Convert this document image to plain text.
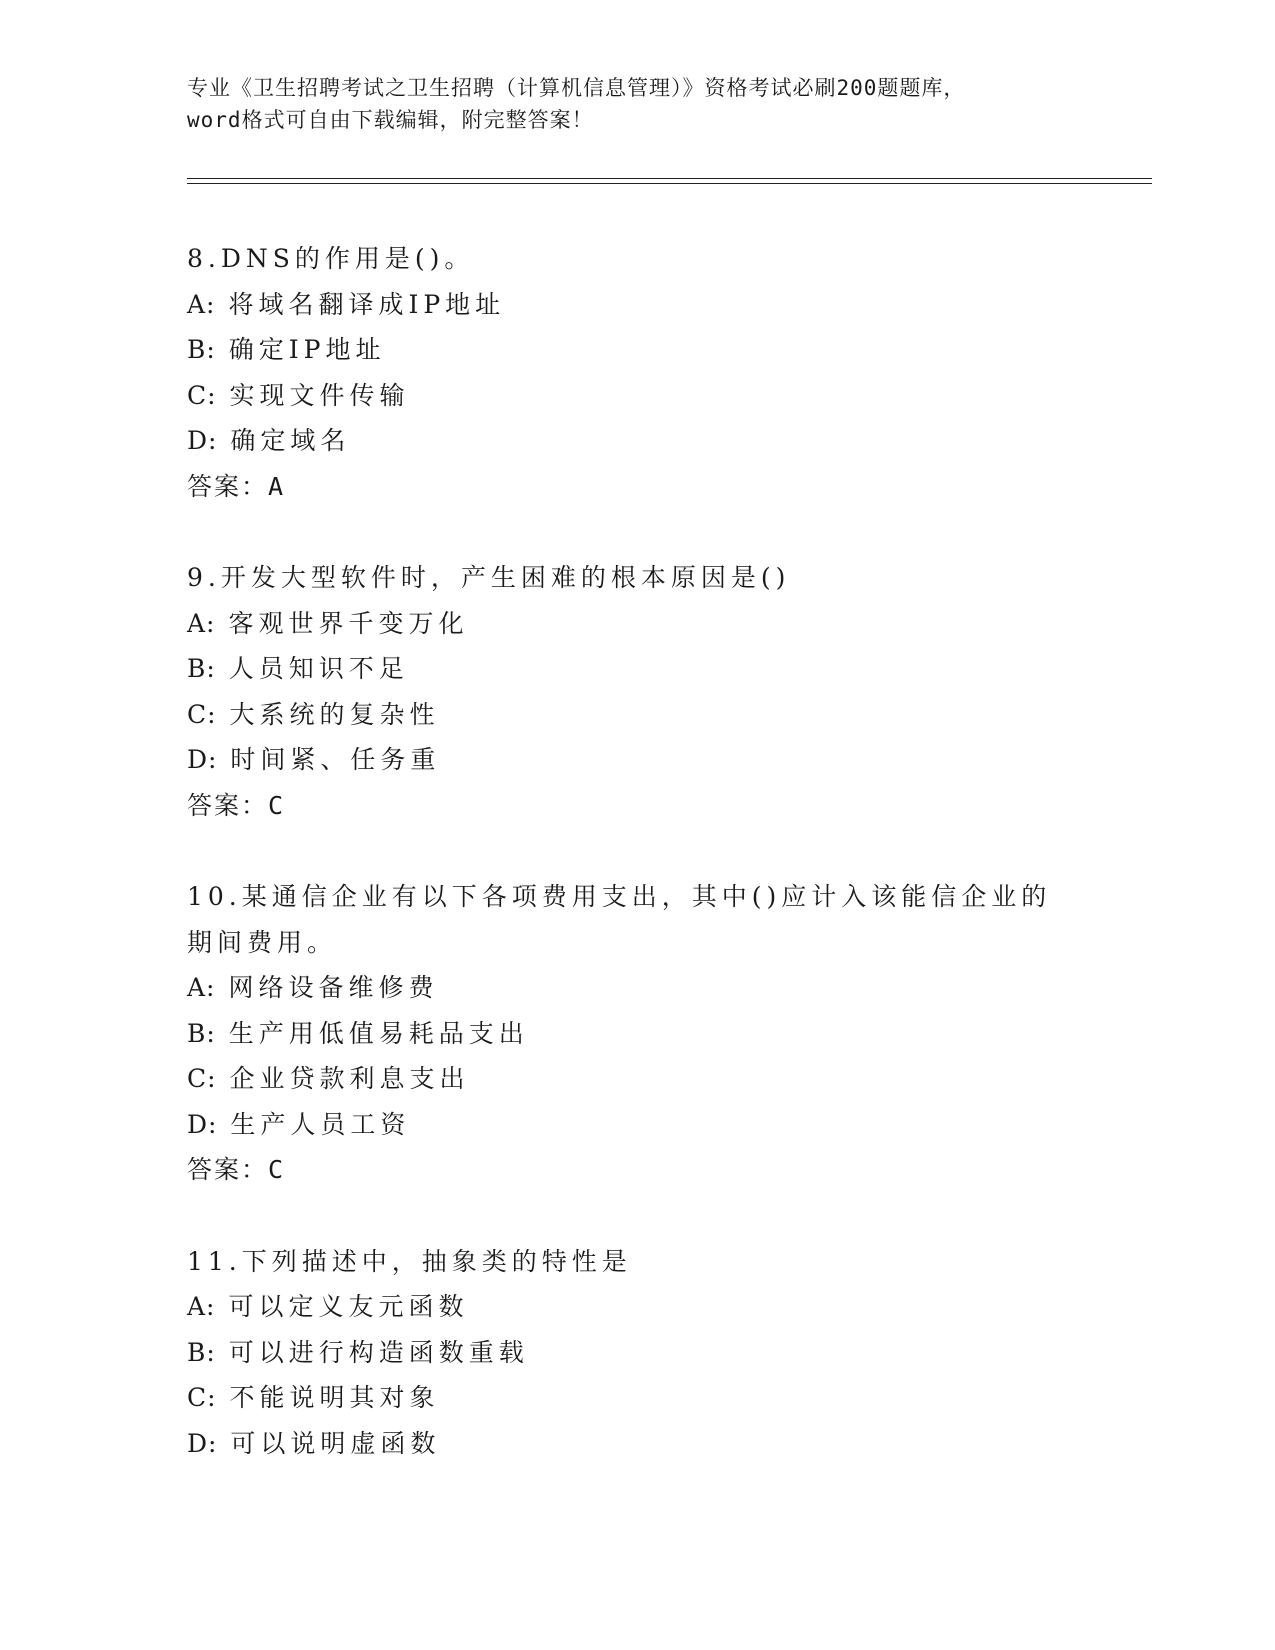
专业《卫生招聘考试之卫生招聘（计算机信息管理）》资格考试必刷200题题库，
word格式可自由下载编辑，附完整答案！
8.DNS的作用是()。
A: 将域名翻译成IP地址
B: 确定IP地址
C: 实现文件传输
D: 确定域名
答案：A
9.开发大型软件时，产生困难的根本原因是()
A: 客观世界千变万化
B: 人员知识不足
C: 大系统的复杂性
D: 时间紧、任务重
答案：C
10.某通信企业有以下各项费用支出，其中()应计入该能信企业的期间费用。
A: 网络设备维修费
B: 生产用低值易耗品支出
C: 企业贷款利息支出
D: 生产人员工资
答案：C
11.下列描述中，抽象类的特性是
A: 可以定义友元函数
B: 可以进行构造函数重载
C: 不能说明其对象
D: 可以说明虚函数
